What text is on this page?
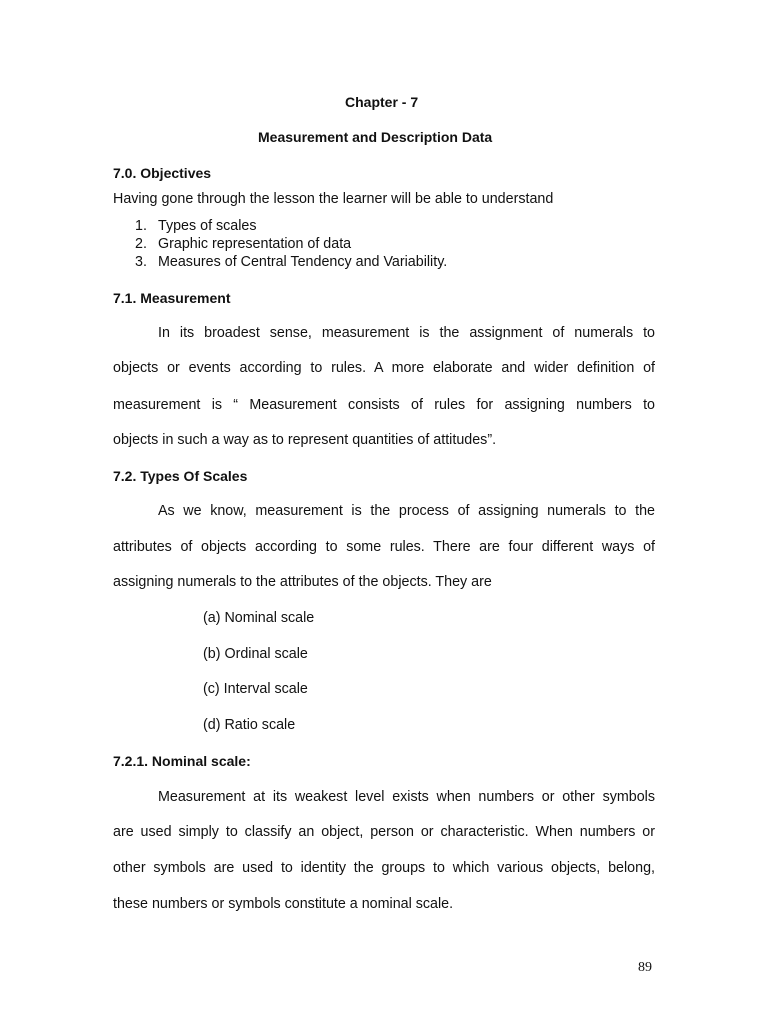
Chapter - 7

Measurement and Description Data

7.0. Objectives

Having gone through the lesson the learner will be able to understand

1. Types of scales
2. Graphic representation of data
3. Measures of Central Tendency and Variability.

7.1. Measurement

In its broadest sense, measurement is the assignment of numerals to

objects or events according to rules. A more elaborate and wider definition of

measurement is “ Measurement consists of rules for assigning numbers to

objects in such a way as to represent quantities of attitudes”.

7.2. Types Of Scales

As we know, measurement is the process of assigning numerals to the

attributes of objects according to some rules. There are four different ways of

assigning numerals to the attributes of the objects. They are

(a) Nominal scale

(b) Ordinal scale

(c) Interval scale

(d) Ratio scale

7.2.1. Nominal scale:

Measurement at its weakest level exists when numbers or other symbols

are used simply to classify an object, person or characteristic. When numbers or

other symbols are used to identity the groups to which various objects, belong,

these numbers or symbols constitute a nominal scale.

89
